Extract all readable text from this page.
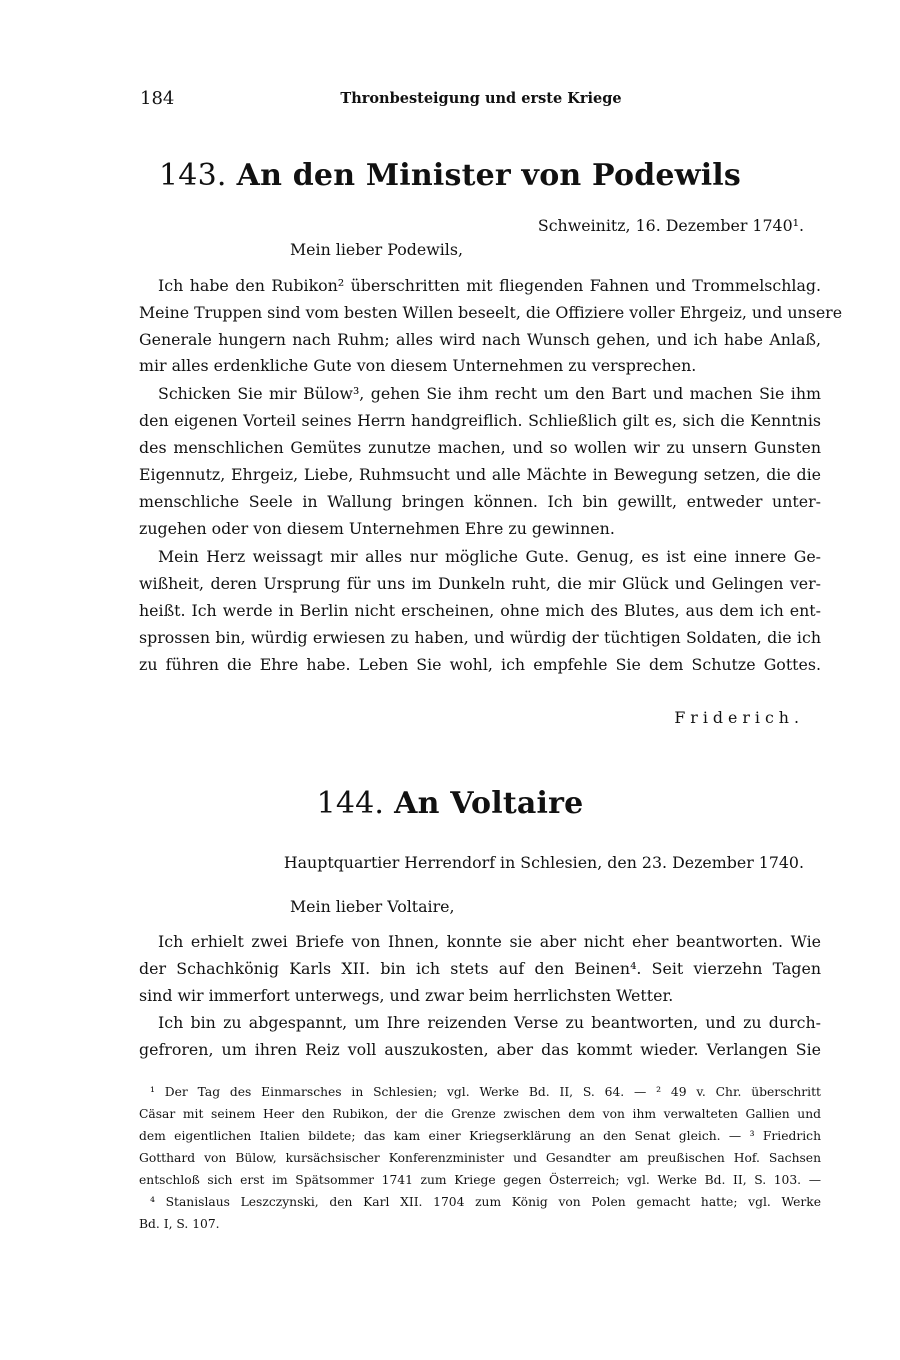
184	Thronbesteigung und erste Kriege
143. An den Minister von Podewils
Schweinitz, 16. Dezember 1740¹.
Mein lieber Podewils,
Ich habe den Rubikon² überschritten mit fliegenden Fahnen und Trommelschlag.
Meine Truppen sind vom besten Willen beseelt, die Offiziere voller Ehrgeiz, und unsere
Generale hungern nach Ruhm; alles wird nach Wunsch gehen, und ich habe Anlaß,
mir alles erdenkliche Gute von diesem Unternehmen zu versprechen.
Schicken Sie mir Bülow³, gehen Sie ihm recht um den Bart und machen Sie ihm
den eigenen Vorteil seines Herrn handgreiflich. Schließlich gilt es, sich die Kenntnis
des menschlichen Gemütes zunutze machen, und so wollen wir zu unsern Gunsten
Eigennutz, Ehrgeiz, Liebe, Ruhmsucht und alle Mächte in Bewegung setzen, die die
menschliche Seele in Wallung bringen können. Ich bin gewillt, entweder unter-
zugehen oder von diesem Unternehmen Ehre zu gewinnen.
Mein Herz weissagt mir alles nur mögliche Gute. Genug, es ist eine innere Ge-
wißheit, deren Ursprung für uns im Dunkeln ruht, die mir Glück und Gelingen ver-
heißt. Ich werde in Berlin nicht erscheinen, ohne mich des Blutes, aus dem ich ent-
sprossen bin, würdig erwiesen zu haben, und würdig der tüchtigen Soldaten, die ich
zu führen die Ehre habe. Leben Sie wohl, ich empfehle Sie dem Schutze Gottes.
Friderich.
144. An Voltaire
Hauptquartier Herrendorf in Schlesien, den 23. Dezember 1740.
Mein lieber Voltaire,
Ich erhielt zwei Briefe von Ihnen, konnte sie aber nicht eher beantworten. Wie
der Schachkönig Karls XII. bin ich stets auf den Beinen⁴. Seit vierzehn Tagen
sind wir immerfort unterwegs, und zwar beim herrlichsten Wetter.
Ich bin zu abgespannt, um Ihre reizenden Verse zu beantworten, und zu durch-
gefroren, um ihren Reiz voll auszukosten, aber das kommt wieder. Verlangen Sie
¹ Der Tag des Einmarsches in Schlesien; vgl. Werke Bd. II, S. 64. — ² 49 v. Chr. überschritt
Cäsar mit seinem Heer den Rubikon, der die Grenze zwischen dem von ihm verwalteten Gallien und
dem eigentlichen Italien bildete; das kam einer Kriegserklärung an den Senat gleich. — ³ Friedrich
Gotthard von Bülow, kursächsischer Konferenzminister und Gesandter am preußischen Hof. Sachsen
entschloß sich erst im Spätsommer 1741 zum Kriege gegen Österreich; vgl. Werke Bd. II, S. 103. —
⁴ Stanislaus Leszczynski, den Karl XII. 1704 zum König von Polen gemacht hatte; vgl. Werke
Bd. I, S. 107.
